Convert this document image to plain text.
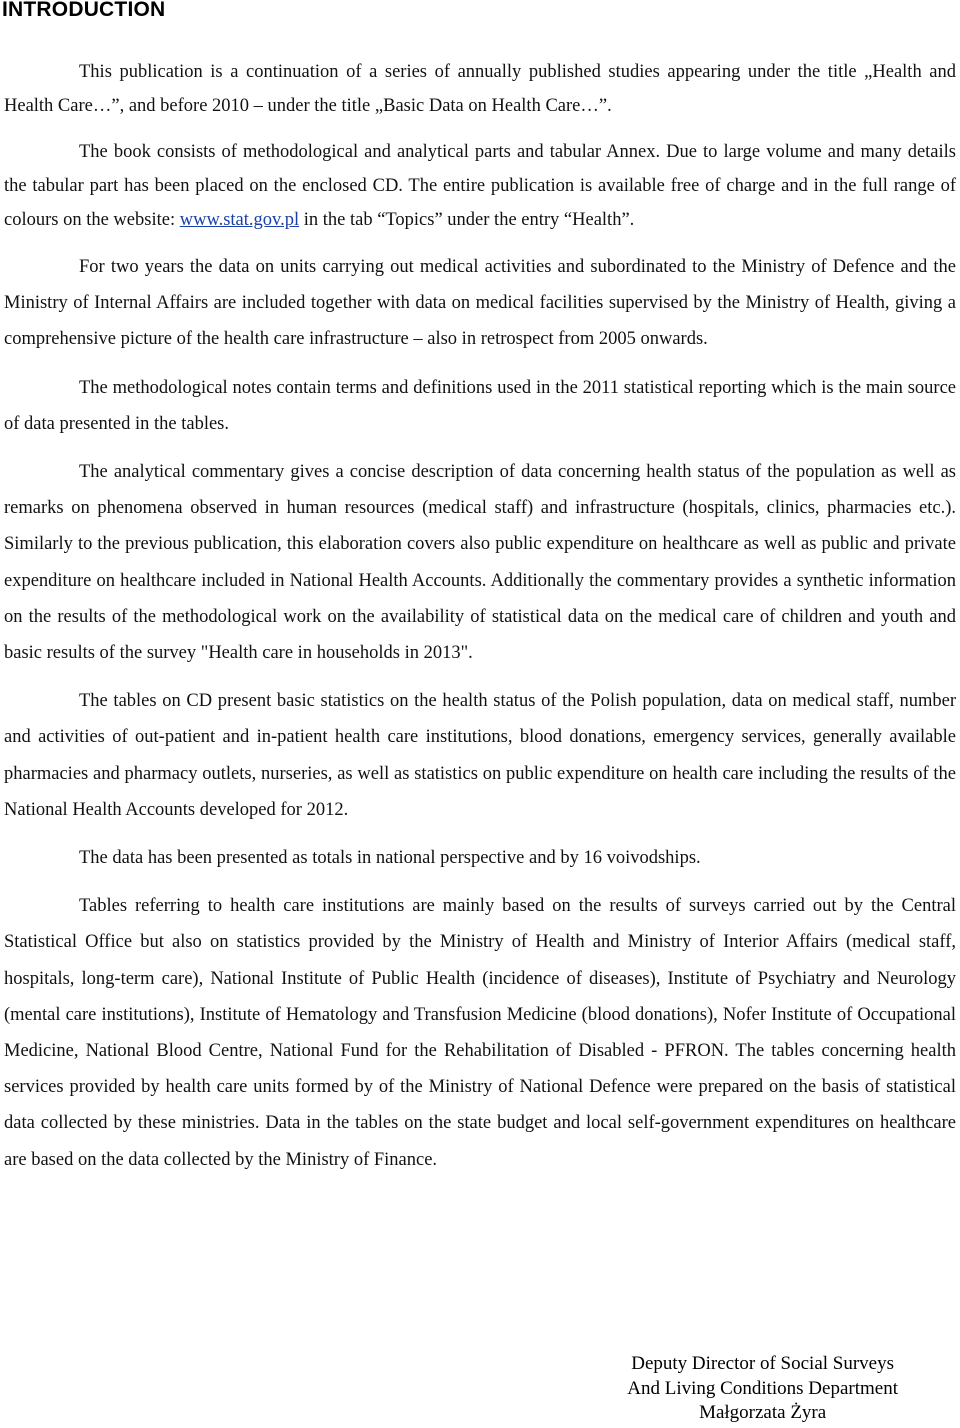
INTRODUCTION

This publication is a continuation of a series of annually published studies appearing under the title „Health and Health Care…”, and before 2010 – under the title „Basic Data on Health Care…”.

The book consists of methodological and analytical parts and tabular Annex. Due to large volume and many details the tabular part has been placed on the enclosed CD. The entire publication is available free of charge and in the full range of colours on the website: www.stat.gov.pl in the tab “Topics” under the entry “Health”.

For two years the data on units carrying out medical activities and subordinated to the Ministry of Defence and the Ministry of Internal Affairs are included together with data on medical facilities supervised by the Ministry of Health, giving a comprehensive picture of the health care infrastructure – also in retrospect from 2005 onwards.

The methodological notes contain terms and definitions used in the 2011 statistical reporting which is the main source of data presented in the tables.

The analytical commentary gives a concise description of data concerning health status of the population as well as remarks on phenomena observed in human resources (medical staff) and infrastructure (hospitals, clinics, pharmacies etc.). Similarly to the previous publication, this elaboration covers also public expenditure on healthcare as well as public and private expenditure on healthcare included in National Health Accounts. Additionally the commentary provides a synthetic information on the results of the methodological work on the availability of statistical data on the medical care of children and youth and basic results of the survey "Health care in households in 2013".

The tables on CD present basic statistics on the health status of the Polish population, data on medical staff, number and activities of out-patient and in-patient health care institutions, blood donations, emergency services, generally available pharmacies and pharmacy outlets, nurseries, as well as statistics on public expenditure on health care including the results of the National Health Accounts developed for 2012.

The data has been presented as totals in national perspective and by 16 voivodships.

Tables referring to health care institutions are mainly based on the results of surveys carried out by the Central Statistical Office but also on statistics provided by the Ministry of Health and Ministry of Interior Affairs (medical staff, hospitals, long-term care), National Institute of Public Health (incidence of diseases), Institute of Psychiatry and Neurology (mental care institutions), Institute of Hematology and Transfusion Medicine (blood donations), Nofer Institute of Occupational Medicine, National Blood Centre, National Fund for the Rehabilitation of Disabled - PFRON. The tables concerning health services provided by health care units formed by of the Ministry of National Defence were prepared on the basis of statistical data collected by these ministries. Data in the tables on the state budget and local self-government expenditures on healthcare are based on the data collected by the Ministry of Finance.

Deputy Director of Social Surveys
And Living Conditions Department
Małgorzata Żyra
